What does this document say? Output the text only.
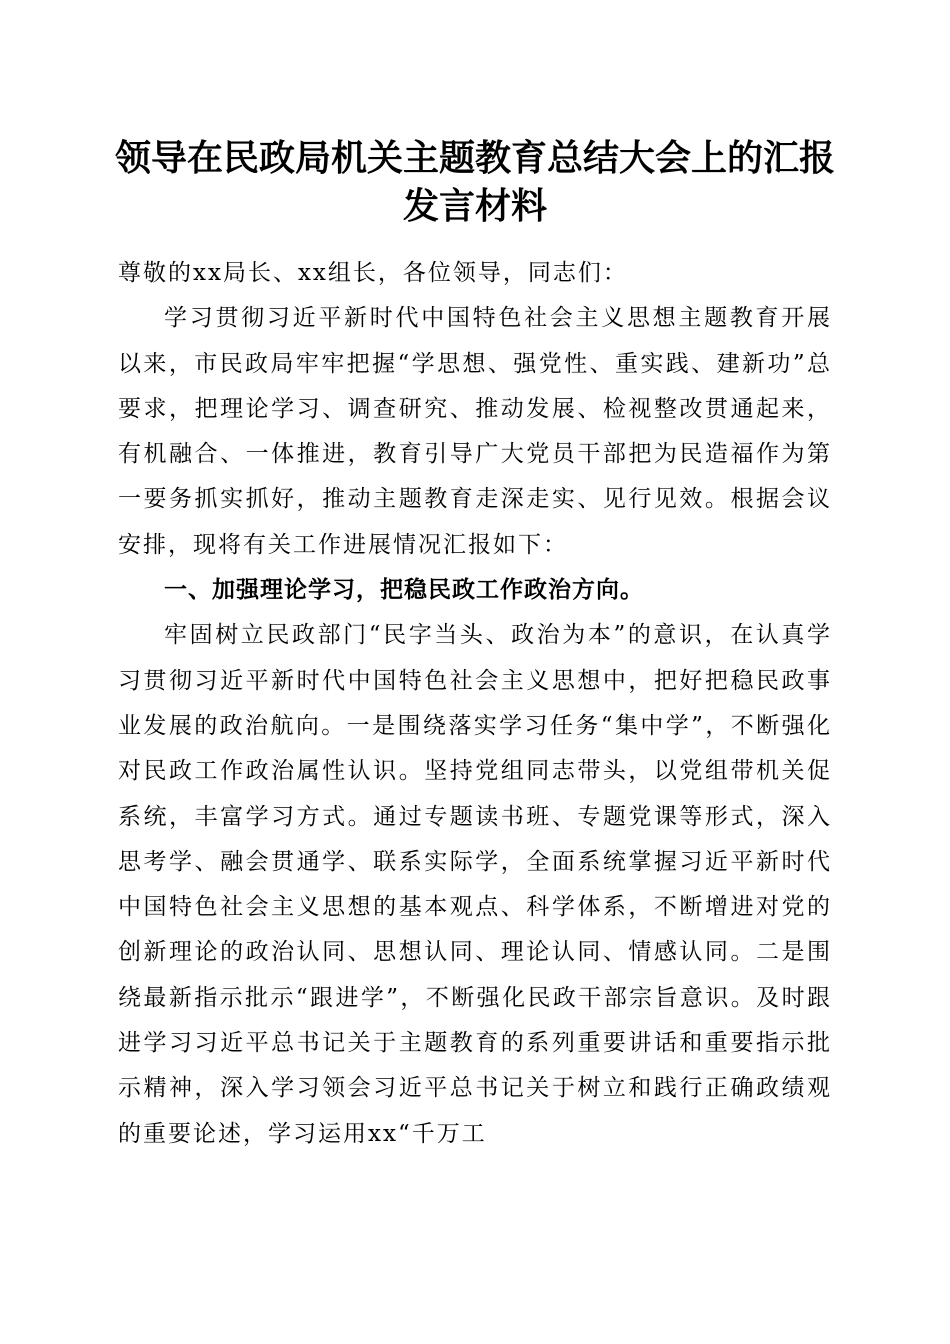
领导在民政局机关主题教育总结大会上的汇报
发言材料

尊敬的xx局长、xx组长，各位领导，同志们：

学习贯彻习近平新时代中国特色社会主义思想主题教育开展以来，市民政局牢牢把握“学思想、强党性、重实践、建新功”总要求，把理论学习、调查研究、推动发展、检视整改贯通起来，有机融合、一体推进，教育引导广大党员干部把为民造福作为第一要务抓实抓好，推动主题教育走深走实、见行见效。根据会议安排，现将有关工作进展情况汇报如下：

一、加强理论学习，把稳民政工作政治方向。

牢固树立民政部门“民字当头、政治为本”的意识，在认真学习贯彻习近平新时代中国特色社会主义思想中，把好把稳民政事业发展的政治航向。一是围绕落实学习任务“集中学”，不断强化对民政工作政治属性认识。坚持党组同志带头，以党组带机关促系统，丰富学习方式。通过专题读书班、专题党课等形式，深入思考学、融会贯通学、联系实际学，全面系统掌握习近平新时代中国特色社会主义思想的基本观点、科学体系，不断增进对党的创新理论的政治认同、思想认同、理论认同、情感认同。二是围绕最新指示批示“跟进学”，不断强化民政干部宗旨意识。及时跟进学习习近平总书记关于主题教育的系列重要讲话和重要指示批示精神，深入学习领会习近平总书记关于树立和践行正确政绩观的重要论述，学习运用xx“千万工
